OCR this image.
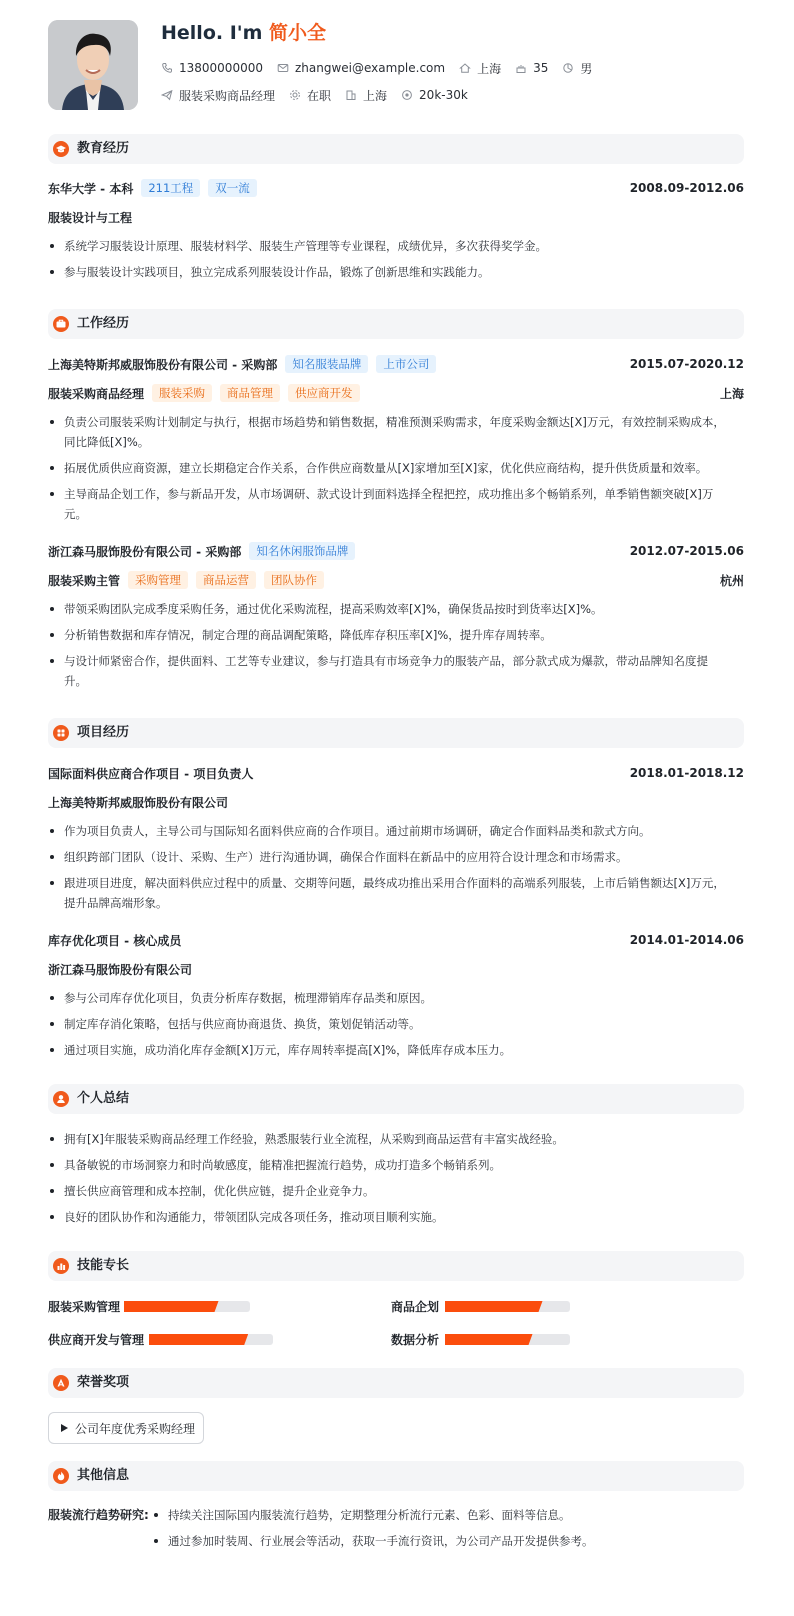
Hello. I'm 简小全
13800000000	zhangwei@example.com	上海	35	男
服装采购商品经理	在职	上海	20k-30k
教育经历
东华大学 - 本科	211工程	双一流	2008.09-2012.06
服装设计与工程
系统学习服装设计原理、服装材料学、服装生产管理等专业课程，成绩优异，多次获得奖学金。
参与服装设计实践项目，独立完成系列服装设计作品，锻炼了创新思维和实践能力。
工作经历
上海美特斯邦威服饰股份有限公司 - 采购部	知名服装品牌	上市公司	2015.07-2020.12
服装采购商品经理	服装采购	商品管理	供应商开发	上海
负责公司服装采购计划制定与执行，根据市场趋势和销售数据，精准预测采购需求，年度采购金额达[X]万元，有效控制采购成本，同比降低[X]%。
拓展优质供应商资源，建立长期稳定合作关系，合作供应商数量从[X]家增加至[X]家，优化供应商结构，提升供货质量和效率。
主导商品企划工作，参与新品开发，从市场调研、款式设计到面料选择全程把控，成功推出多个畅销系列，单季销售额突破[X]万元。
浙江森马服饰股份有限公司 - 采购部	知名休闲服饰品牌	2012.07-2015.06
服装采购主管	采购管理	商品运营	团队协作	杭州
带领采购团队完成季度采购任务，通过优化采购流程，提高采购效率[X]%，确保货品按时到货率达[X]%。
分析销售数据和库存情况，制定合理的商品调配策略，降低库存积压率[X]%，提升库存周转率。
与设计师紧密合作，提供面料、工艺等专业建议，参与打造具有市场竞争力的服装产品，部分款式成为爆款，带动品牌知名度提升。
项目经历
国际面料供应商合作项目 - 项目负责人	2018.01-2018.12
上海美特斯邦威服饰股份有限公司
作为项目负责人，主导公司与国际知名面料供应商的合作项目。通过前期市场调研，确定合作面料品类和款式方向。
组织跨部门团队（设计、采购、生产）进行沟通协调，确保合作面料在新品中的应用符合设计理念和市场需求。
跟进项目进度，解决面料供应过程中的质量、交期等问题，最终成功推出采用合作面料的高端系列服装，上市后销售额达[X]万元，提升品牌高端形象。
库存优化项目 - 核心成员	2014.01-2014.06
浙江森马服饰股份有限公司
参与公司库存优化项目，负责分析库存数据，梳理滞销库存品类和原因。
制定库存消化策略，包括与供应商协商退货、换货，策划促销活动等。
通过项目实施，成功消化库存金额[X]万元，库存周转率提高[X]%，降低库存成本压力。
个人总结
拥有[X]年服装采购商品经理工作经验，熟悉服装行业全流程，从采购到商品运营有丰富实战经验。
具备敏锐的市场洞察力和时尚敏感度，能精准把握流行趋势，成功打造多个畅销系列。
擅长供应商管理和成本控制，优化供应链，提升企业竞争力。
良好的团队协作和沟通能力，带领团队完成各项任务，推动项目顺利实施。
技能专长
服装采购管理	商品企划
供应商开发与管理	数据分析
荣誉奖项
公司年度优秀采购经理
其他信息
服装流行趋势研究:	持续关注国际国内服装流行趋势，定期整理分析流行元素、色彩、面料等信息。
通过参加时装周、行业展会等活动，获取一手流行资讯，为公司产品开发提供参考。
